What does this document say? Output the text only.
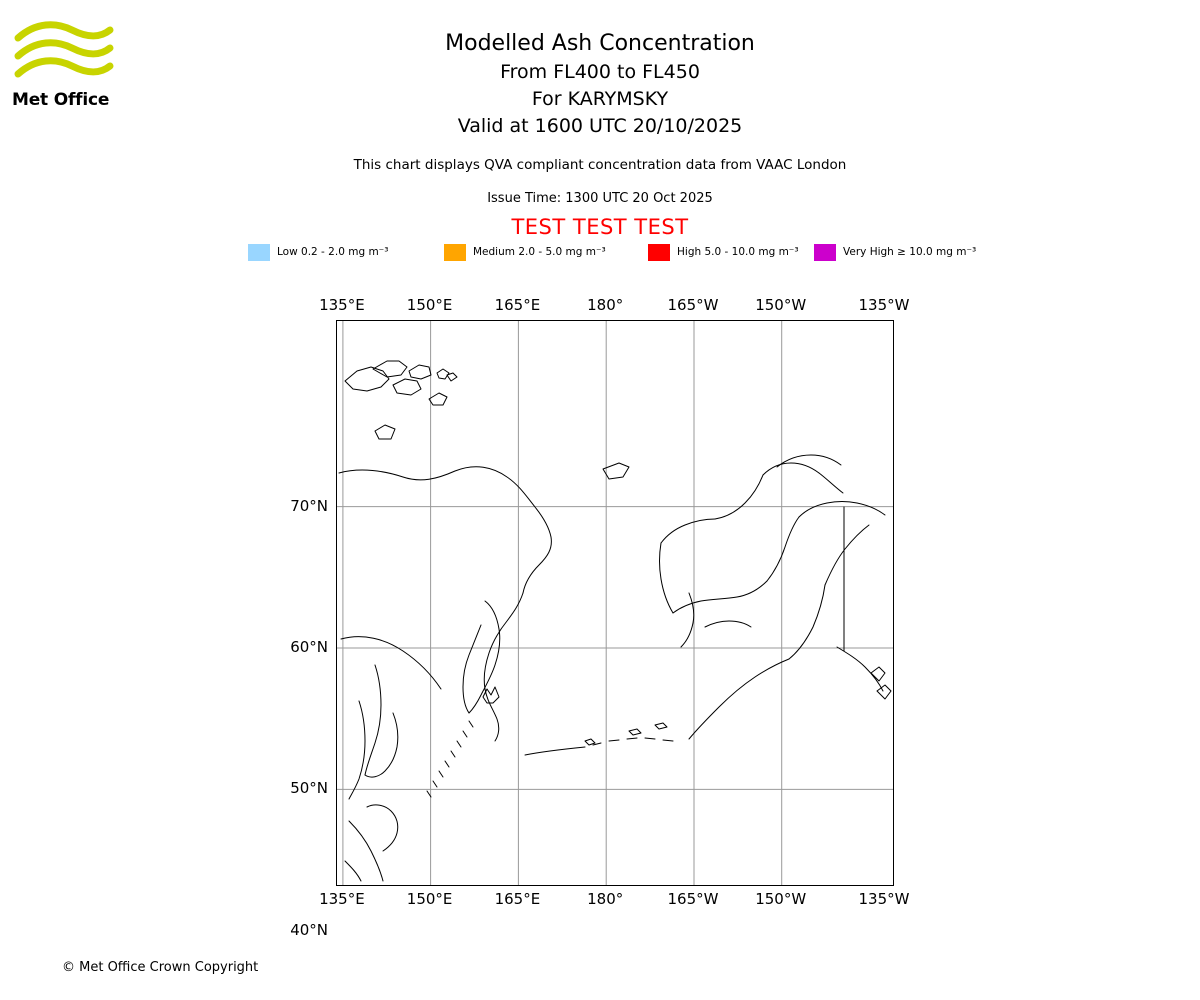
Met Office
Modelled Ash Concentration
From FL400 to FL450
For KARYMSKY
Valid at 1600 UTC 20/10/2025
This chart displays QVA compliant concentration data from VAAC London
Issue Time: 1300 UTC 20 Oct 2025
TEST TEST TEST
Low 0.2 - 2.0 mg m⁻³	Medium 2.0 - 5.0 mg m⁻³	High 5.0 - 10.0 mg m⁻³	Very High ≥ 10.0 mg m⁻³
135°E	150°E	165°E	180°	165°W 150°W	135°W
135°E	150°E	165°E	180°	165°W 150°W	135°W
70°N
60°N
50°N
40°N
© Met Office Crown Copyright
